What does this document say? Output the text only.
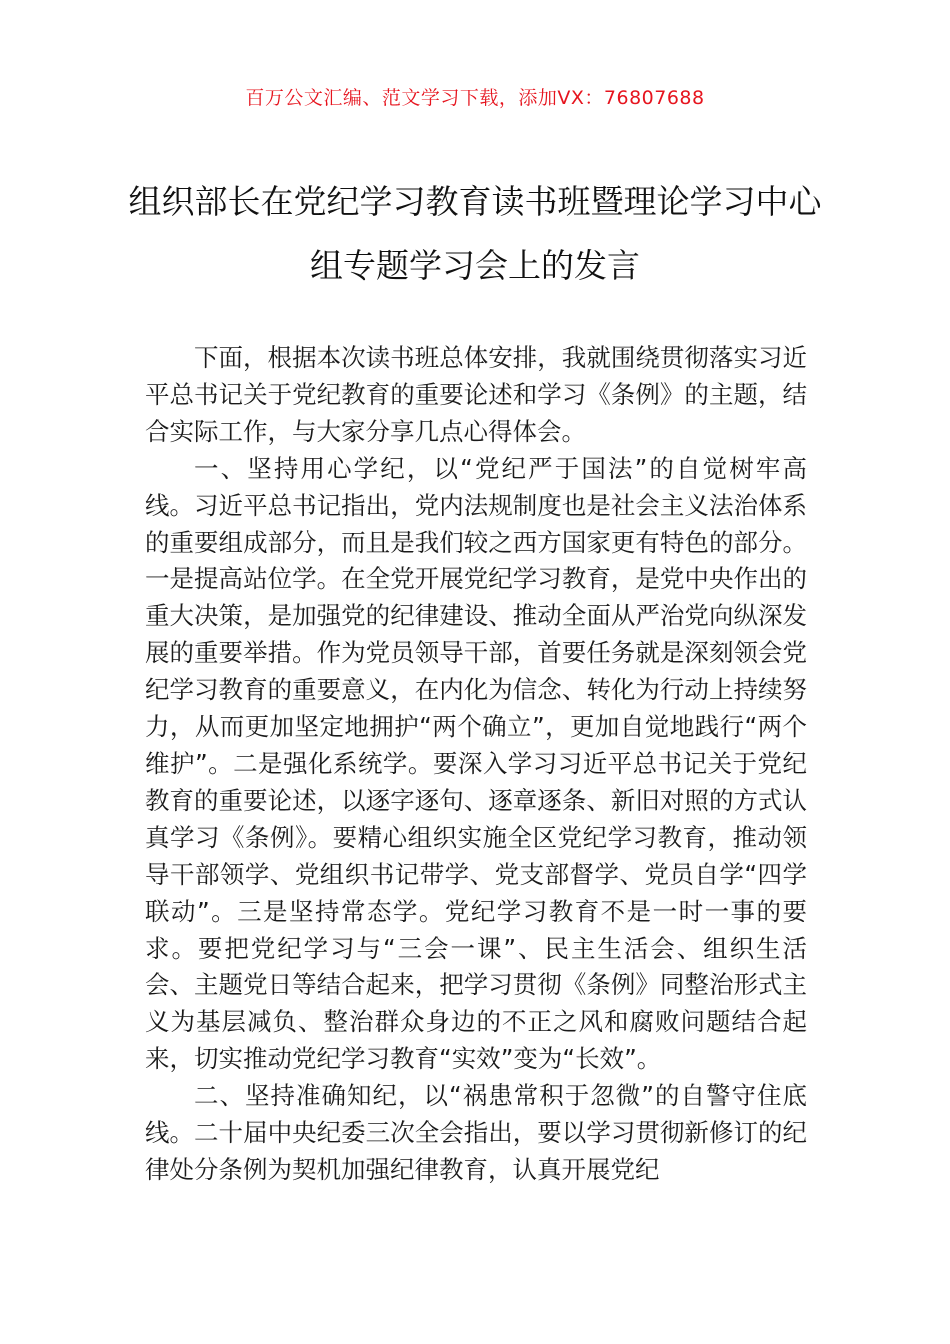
百万公文汇编、范文学习下载，添加VX：76807688
组织部长在党纪学习教育读书班暨理论学习中心组专题学习会上的发言

下面，根据本次读书班总体安排，我就围绕贯彻落实习近平总书记关于党纪教育的重要论述和学习《条例》的主题，结合实际工作，与大家分享几点心得体会。

一、坚持用心学纪，以“党纪严于国法”的自觉树牢高线。习近平总书记指出，党内法规制度也是社会主义法治体系的重要组成部分，而且是我们较之西方国家更有特色的部分。一是提高站位学。在全党开展党纪学习教育，是党中央作出的重大决策，是加强党的纪律建设、推动全面从严治党向纵深发展的重要举措。作为党员领导干部，首要任务就是深刻领会党纪学习教育的重要意义，在内化为信念、转化为行动上持续努力，从而更加坚定地拥护“两个确立”，更加自觉地践行“两个维护”。二是强化系统学。要深入学习习近平总书记关于党纪教育的重要论述，以逐字逐句、逐章逐条、新旧对照的方式认真学习《条例》。要精心组织实施全区党纪学习教育，推动领导干部领学、党组织书记带学、党支部督学、党员自学“四学联动”。三是坚持常态学。党纪学习教育不是一时一事的要求。要把党纪学习与“三会一课”、民主生活会、组织生活会、主题党日等结合起来，把学习贯彻《条例》同整治形式主义为基层减负、整治群众身边的不正之风和腐败问题结合起来，切实推动党纪学习教育“实效”变为“长效”。

二、坚持准确知纪，以“祸患常积于忽微”的自警守住底线。二十届中央纪委三次全会指出，要以学习贯彻新修订的纪律处分条例为契机加强纪律教育，认真开展党纪
